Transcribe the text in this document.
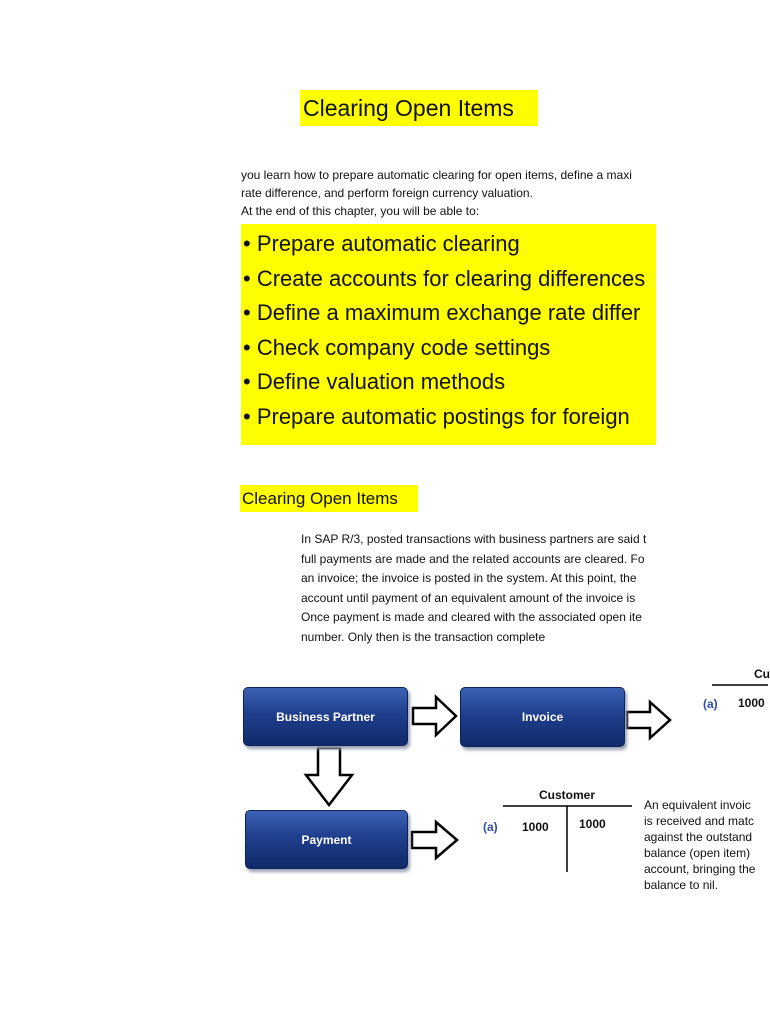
Clearing Open Items
you learn how to prepare automatic clearing for open items, define a maxi
rate difference, and perform foreign currency valuation.
At the end of this chapter, you will be able to:
• Prepare automatic clearing
• Create accounts for clearing differences
• Define a maximum exchange rate differ
• Check company code settings
• Define valuation methods
• Prepare automatic postings for foreign
Clearing Open Items
In SAP R/3, posted transactions with business partners are said t
full payments are made and the related accounts are cleared. Fo
an invoice; the invoice is posted in the system. At this point, the
account until payment of an equivalent amount of the invoice is
Once payment is made and cleared with the associated open ite
number. Only then is the transaction complete
Business Partner	Invoice
Payment
Cu
(a) 1000
Customer
(a) 1000	1000
An equivalent invoic
is received and matc
against the outstand
balance (open item)
account, bringing the
balance to nil.
